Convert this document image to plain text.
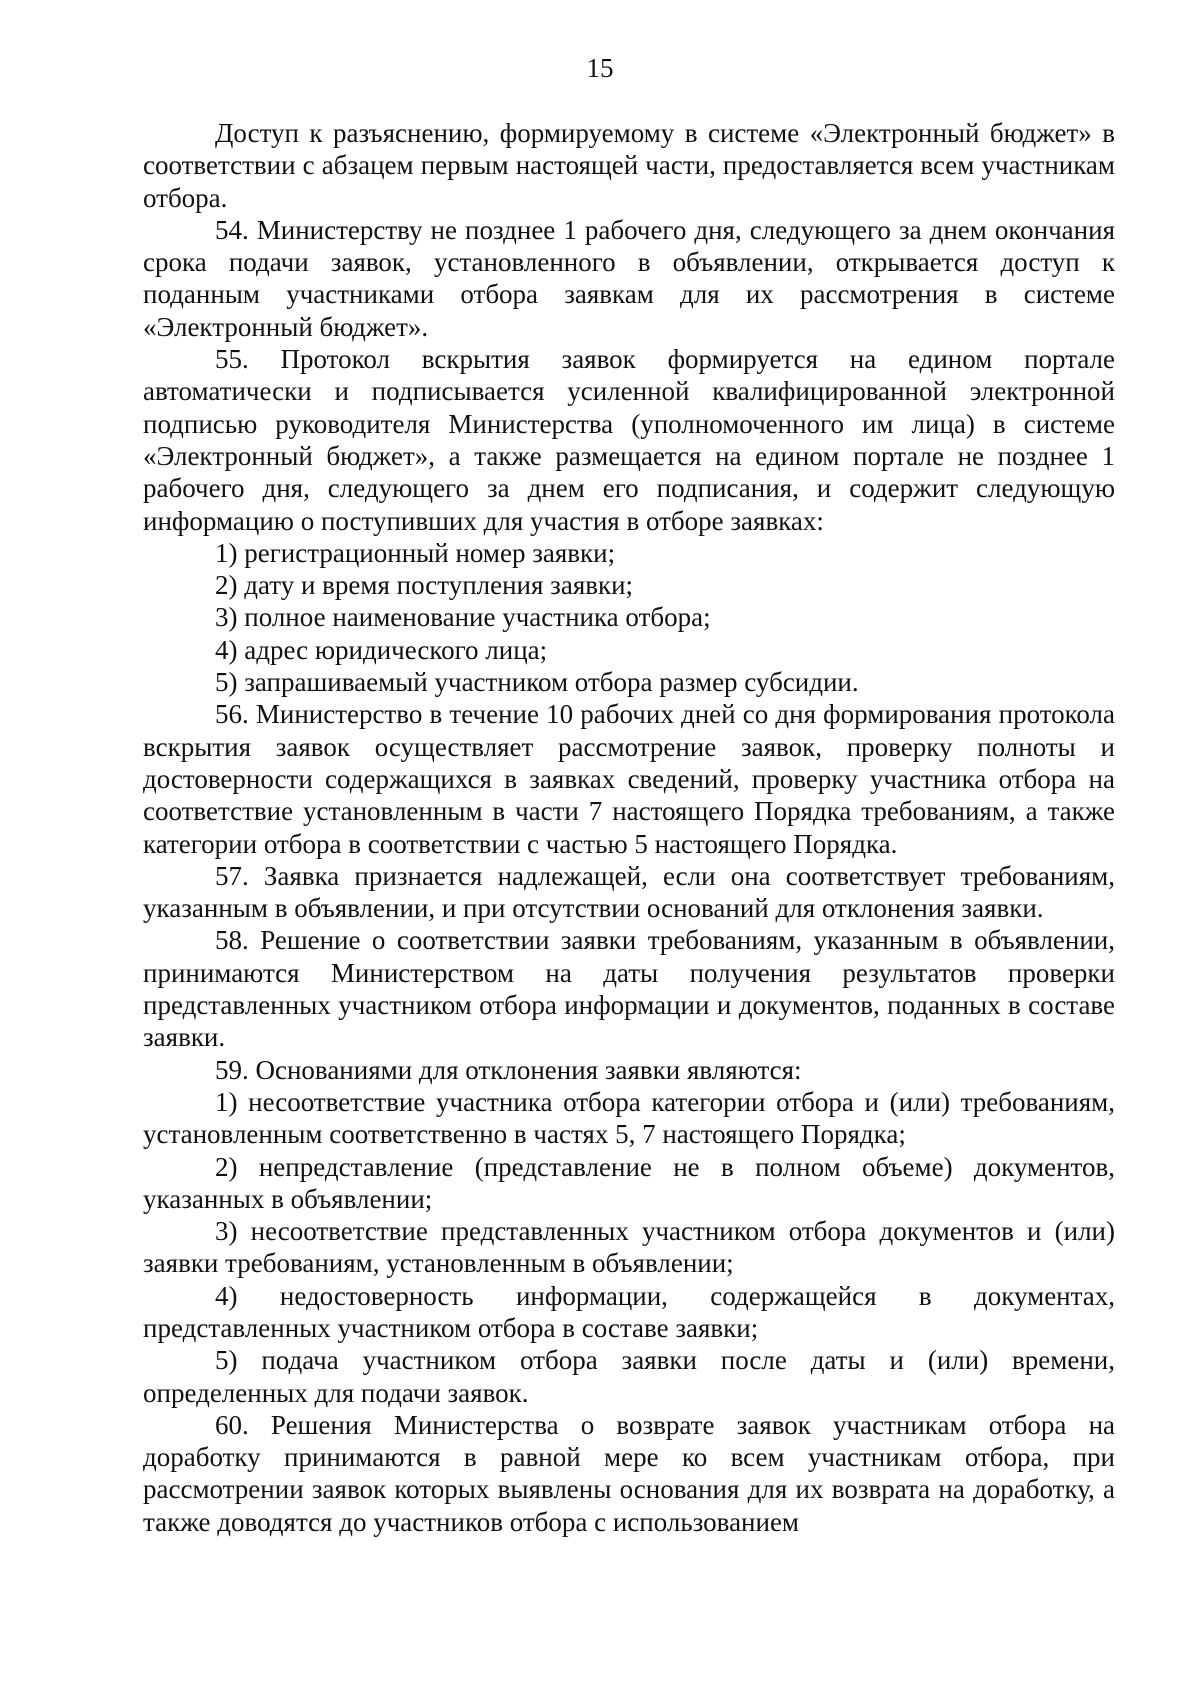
15

Доступ к разъяснению, формируемому в системе «Электронный бюджет» в соответствии с абзацем первым настоящей части, предоставляется всем участникам отбора.

54. Министерству не позднее 1 рабочего дня, следующего за днем окончания срока подачи заявок, установленного в объявлении, открывается доступ к поданным участниками отбора заявкам для их рассмотрения в системе «Электронный бюджет».

55. Протокол вскрытия заявок формируется на едином портале автоматически и подписывается усиленной квалифицированной электронной подписью руководителя Министерства (уполномоченного им лица) в системе «Электронный бюджет», а также размещается на едином портале не позднее 1 рабочего дня, следующего за днем его подписания, и содержит следующую информацию о поступивших для участия в отборе заявках:

1) регистрационный номер заявки;

2) дату и время поступления заявки;

3) полное наименование участника отбора;

4) адрес юридического лица;

5) запрашиваемый участником отбора размер субсидии.

56. Министерство в течение 10 рабочих дней со дня формирования протокола вскрытия заявок осуществляет рассмотрение заявок, проверку полноты и достоверности содержащихся в заявках сведений, проверку участника отбора на соответствие установленным в части 7 настоящего Порядка требованиям, а также категории отбора в соответствии с частью 5 настоящего Порядка.

57. Заявка признается надлежащей, если она соответствует требованиям, указанным в объявлении, и при отсутствии оснований для отклонения заявки.

58. Решение о соответствии заявки требованиям, указанным в объявлении, принимаются Министерством на даты получения результатов проверки представленных участником отбора информации и документов, поданных в составе заявки.

59. Основаниями для отклонения заявки являются:

1) несоответствие участника отбора категории отбора и (или) требованиям, установленным соответственно в частях 5, 7 настоящего Порядка;

2) непредставление (представление не в полном объеме) документов, указанных в объявлении;

3) несоответствие представленных участником отбора документов и (или) заявки требованиям, установленным в объявлении;

4) недостоверность информации, содержащейся в документах, представленных участником отбора в составе заявки;

5) подача участником отбора заявки после даты и (или) времени, определенных для подачи заявок.

60. Решения Министерства о возврате заявок участникам отбора на доработку принимаются в равной мере ко всем участникам отбора, при рассмотрении заявок которых выявлены основания для их возврата на доработку, а также доводятся до участников отбора с использованием
